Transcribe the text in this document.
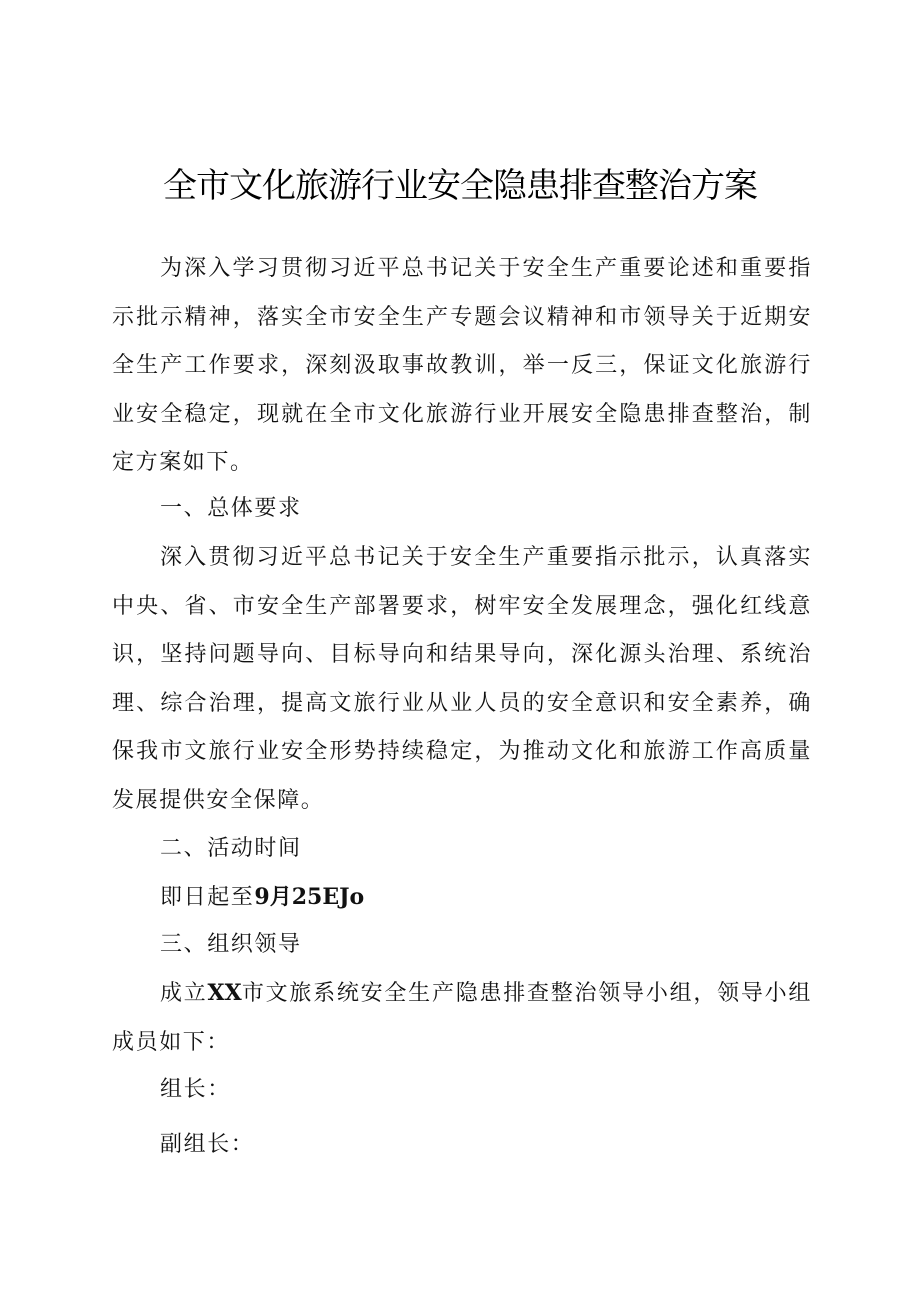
全市文化旅游行业安全隐患排查整治方案

为深入学习贯彻习近平总书记关于安全生产重要论述和重要指示批示精神，落实全市安全生产专题会议精神和市领导关于近期安全生产工作要求，深刻汲取事故教训，举一反三，保证文化旅游行业安全稳定，现就在全市文化旅游行业开展安全隐患排查整治，制定方案如下。

一、总体要求

深入贯彻习近平总书记关于安全生产重要指示批示，认真落实中央、省、市安全生产部署要求，树牢安全发展理念，强化红线意识，坚持问题导向、目标导向和结果导向，深化源头治理、系统治理、综合治理，提高文旅行业从业人员的安全意识和安全素养，确保我市文旅行业安全形势持续稳定，为推动文化和旅游工作高质量发展提供安全保障。

二、活动时间

即日起至9月25EJo

三、组织领导

成立XX市文旅系统安全生产隐患排查整治领导小组，领导小组成员如下：

组长：

副组长：
